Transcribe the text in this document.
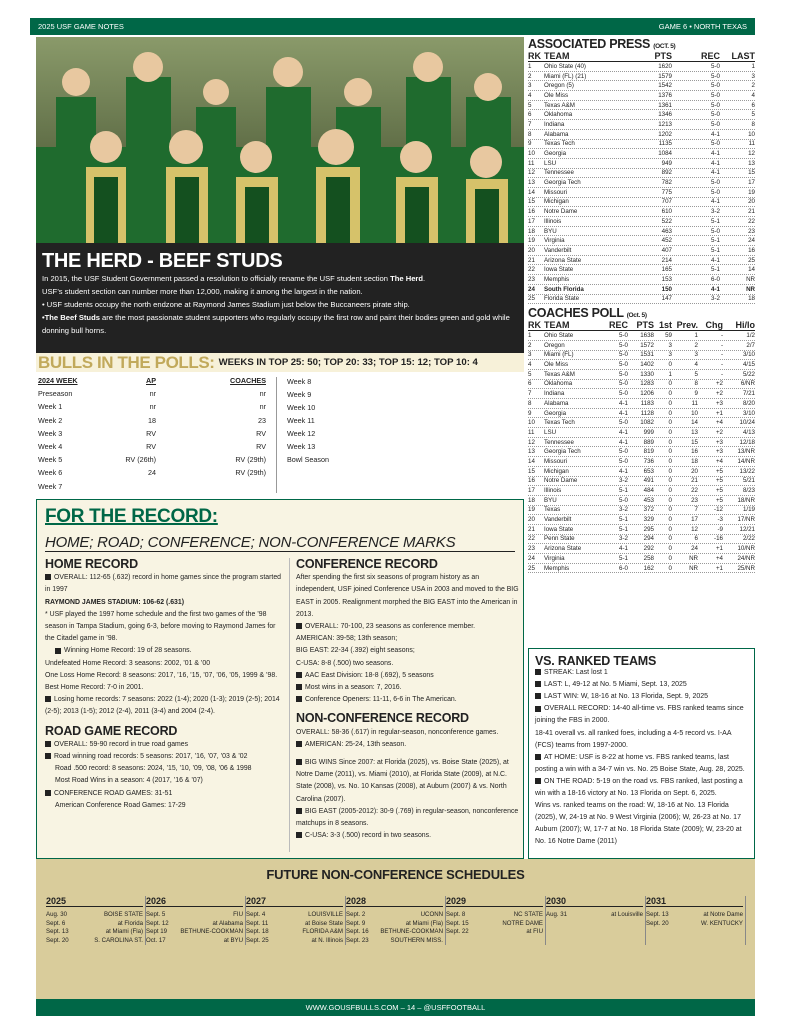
2025 USF GAME NOTES	GAME 6 • NORTH TEXAS
THE HERD - BEEF STUDS

In 2015, the USF Student Government passed a resolution to officially rename the USF student section The Herd.

USF’s student section can number more than 12,000, making it among the largest in the nation.

• USF students occupy the north endzone at Raymond James Stadium just below the Buccaneers pirate ship.

•The Beef Studs are the most passionate student supporters who regularly occupy the first row and paint their bodies green and gold while donning bull horns.

BULLS IN THE POLLS: WEEKS IN TOP 25: 50; TOP 20: 33; TOP 15: 12; TOP 10: 4
2024 WEEK	AP	COACHES
Preseason	nr	nr
Week 1	nr	nr
Week 2	18	23
Week 3	RV	RV
Week 4	RV	RV
Week 5	RV (26th)	RV (29th)
Week 6	24	RV (29th)
Week 7
Week 8
Week 9
Week 10
Week 11
Week 12
Week 13
Bowl Season
FOR THE RECORD:
HOME; ROAD; CONFERENCE; NON-CONFERENCE MARKS
HOME RECORD
OVERALL: 112-65 (.632) record in home games since the program started in 1997
RAYMOND JAMES STADIUM: 106-62 (.631)
* USF played the 1997 home schedule and the first two games of the ’98 season in Tampa Stadium, going 6-3, before moving to Raymond James for the Citadel game in ’98.
Winning Home Record: 19 of 28 seasons.
Undefeated Home Record: 3 seasons: 2002, ’01 & ’00
One Loss Home Record: 8 seasons: 2017, ’16, ’15, ’07, ’06, ’05, 1999 & ’98.
Best Home Record: 7-0 in 2001.
Losing home records: 7 seasons: 2022 (1-4); 2020 (1-3); 2019 (2-5); 2014 (2-5); 2013 (1-5); 2012 (2-4), 2011 (3-4) and 2004 (2-4).
ROAD GAME RECORD
OVERALL: 59-90 record in true road games
Road winning road records: 5 seasons: 2017, ’16, ’07, ’03 & ’02
Road .500 record: 8 seasons: 2024, ’15, ’10, ’09, ’08, ’06 & 1998
Most Road Wins in a season: 4 (2017, ’16 & ’07)
CONFERENCE ROAD GAMES: 31-51
American Conference Road Games: 17-29
CONFERENCE RECORD
After spending the first six seasons of program history as an independent, USF joined Conference USA in 2003 and moved to the BIG EAST in 2005. Realignment morphed the BIG EAST into the American in 2013.
OVERALL: 70-100, 23 seasons as conference member.
AMERICAN: 39-58; 13th season;
BIG EAST: 22-34 (.392) eight seasons;
C-USA: 8-8 (.500) two seasons.
AAC East Division: 18-8 (.692), 5 seasons
Most wins in a season: 7, 2016.
Conference Openers: 11-11, 6-6 in The American.
NON-CONFERENCE RECORD
OVERALL: 58-36 (.617) in regular-season, nonconference games.
AMERICAN: 25-24, 13th season.
BIG WINS Since 2007: at Florida (2025), vs. Boise State (2025), at Notre Dame (2011), vs. Miami (2010), at Florida State (2009), at N.C. State (2008), vs. No. 10 Kansas (2008), at Auburn (2007) & vs. North Carolina (2007).
BIG EAST (2005-2012): 30-9 (.769) in regular-season, nonconference matchups in 8 seasons.
C-USA: 3-3 (.500) record in two seasons.
ASSOCIATED PRESS (OCT. 5)
RK TEAM	PTS	REC	LAST
1	Ohio State (40)	1620	5-0	1
2	Miami (FL) (21)	1579	5-0	3
3	Oregon (5)	1542	5-0	2
4	Ole Miss	1376	5-0	4
5	Texas A&M	1361	5-0	6
6	Oklahoma	1346	5-0	5
7	Indiana	1213	5-0	8
8	Alabama	1202	4-1	10
9	Texas Tech	1135	5-0	11
10	Georgia	1084	4-1	12
11	LSU	949	4-1	13
12	Tennessee	892	4-1	15
13	Georgia Tech	782	5-0	17
14	Missouri	775	5-0	19
15	Michigan	707	4-1	20
16	Notre Dame	610	3-2	21
17	Illinois	522	5-1	22
18	BYU	463	5-0	23
19	Virginia	452	5-1	24
20	Vanderbilt	407	5-1	16
21	Arizona State	214	4-1	25
22	Iowa State	165	5-1	14
23	Memphis	153	6-0	NR
24	South Florida	150	4-1	NR
25	Florida State	147	3-2	18
COACHES POLL (Oct. 5)
RK TEAM	REC PTS 1st Prev. Chg	Hi/lo
1	Ohio State	5-0	1638	59	1	-	1/2
2	Oregon	5-0	1572	3	2	-	2/7
3	Miami (FL)	5-0	1531	3	3	-	3/10
4	Ole Miss	5-0	1402	0	4	-	4/15
5	Texas A&M	5-0	1330	1	5	-	5/22
6	Oklahoma	5-0	1283	0	8	+2	6/NR
7	Indiana	5-0	1206	0	9	+2	7/21
8	Alabama	4-1	1183	0	11	+3	8/20
9	Georgia	4-1	1128	0	10	+1	3/10
10	Texas Tech	5-0	1082	0	14	+4	10/24
11	LSU	4-1	999	0	13	+2	4/13
12	Tennessee	4-1	889	0	15	+3	12/18
13	Georgia Tech	5-0	819	0	16	+3	13/NR
14	Missouri	5-0	736	0	18	+4	14/NR
15	Michigan	4-1	653	0	20	+5	13/22
16	Notre Dame	3-2	491	0	21	+5	5/21
17	Illinois	5-1	484	0	22	+5	8/23
18	BYU	5-0	453	0	23	+5	18/NR
19	Texas	3-2	372	0	7	-12	1/19
20	Vanderbilt	5-1	329	0	17	-3	17/NR
21	Iowa State	5-1	295	0	12	-9	12/21
22	Penn State	3-2	294	0	6	-16	2/22
23	Arizona State	4-1	292	0	24	+1	10/NR
24	Virginia	5-1	258	0	NR	+4	24/NR
25	Memphis	6-0	162	0	NR	+1	25/NR
VS. RANKED TEAMS
STREAK: Last lost 1
LAST: L, 49-12 at No. 5 Miami, Sept. 13, 2025
LAST WIN: W, 18-16 at No. 13 Florida, Sept. 9, 2025
OVERALL RECORD: 14-40 all-time vs. FBS ranked teams since joining the FBS in 2000.
18-41 overall vs. all ranked foes, including a 4-5 record vs. I-AA (FCS) teams from 1997-2000.
AT HOME: USF is 8-22 at home vs. FBS ranked teams, last posting a win with a 34-7 win vs. No. 25 Boise State, Aug. 28, 2025.
ON THE ROAD: 5-19 on the road vs. FBS ranked, last posting a win with a 18-16 victory at No. 13 Florida on Sept. 6, 2025.
Wins vs. ranked teams on the road: W, 18-16 at No. 13 Florida (2025), W, 24-19 at No. 9 West Virginia (2006); W, 26-23 at No. 17 Auburn (2007); W, 17-7 at No. 18 Florida State (2009); W, 23-20 at No. 16 Notre Dame (2011)
FUTURE NON-CONFERENCE SCHEDULES
2025
Aug. 30	BOISE STATE
Sept. 6	at Florida
Sept. 13	at Miami (Fla)
Sept. 20	S. CAROLINA ST.
2026
Sept. 5	FIU
Sept. 12	at Alabama
Sept 19 BETHUNE-COOKMAN
Oct. 17	at BYU
2027
Sept. 4	LOUISVILLE
Sept. 11	at Boise State
Sept. 18	FLORIDA A&M
Sept. 25	at N. Illinois
2028
Sept. 2	UCONN
Sept. 9	at Miami (Fla)
Sept. 16 BETHUNE-COOKMAN
Sept. 23	SOUTHERN MISS.
2029
Sept. 8	NC STATE
Sept. 15	NOTRE DAME
Sept. 22	at FIU
2030
Aug. 31	at Louisville
2031
Sept. 13	at Notre Dame
Sept. 20	W. KENTUCKY
WWW.GOUSFBULLS.COM – 14 – @USFFOOTBALL
